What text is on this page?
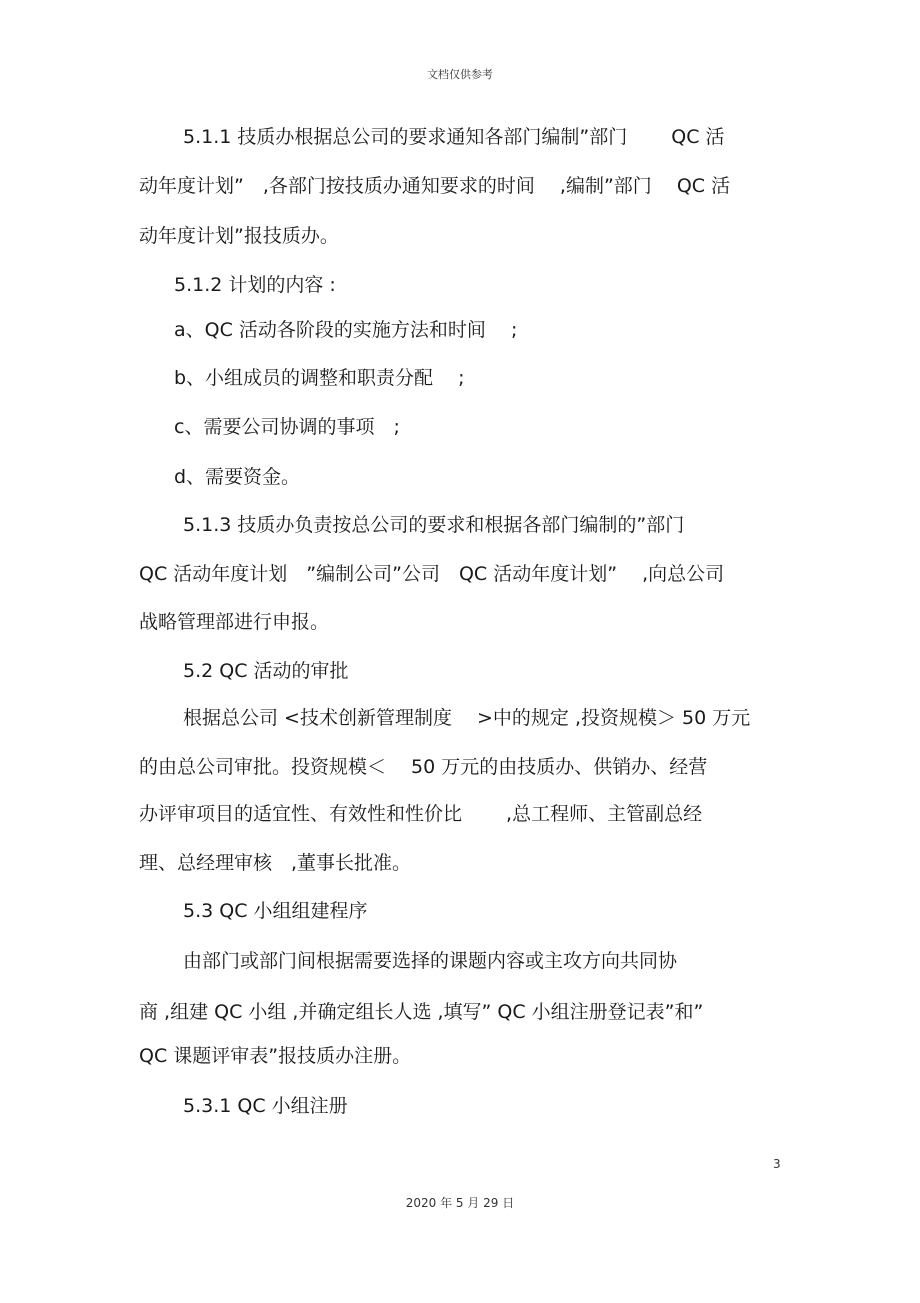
文档仅供参考
5.1.1 技质办根据总公司的要求通知各部门编制”部门　　 QC 活
动年度计划”　,各部门按技质办通知要求的时间　 ,编制”部门　 QC 活
动年度计划”报技质办。
5.1.2 计划的内容 :
a、QC 活动各阶段的实施方法和时间　 ;
b、小组成员的调整和职责分配　 ;
c、需要公司协调的事项　;
d、需要资金。
5.1.3 技质办负责按总公司的要求和根据各部门编制的”部门
QC 活动年度计划　”编制公司”公司　QC 活动年度计划”　 ,向总公司
战略管理部进行申报。
5.2 QC 活动的审批
根据总公司 <技术创新管理制度　 >中的规定 ,投资规模＞ 50 万元
的由总公司审批。投资规模＜　 50 万元的由技质办、供销办、经营
办评审项目的适宜性、有效性和性价比　　 ,总工程师、主管副总经
理、总经理审核　,董事长批准。
5.3 QC 小组组建程序
由部门或部门间根据需要选择的课题内容或主攻方向共同协
商 ,组建 QC 小组 ,并确定组长人选 ,填写” QC 小组注册登记表”和”
QC 课题评审表”报技质办注册。
5.3.1 QC 小组注册
3
2020 年 5 月 29 日
